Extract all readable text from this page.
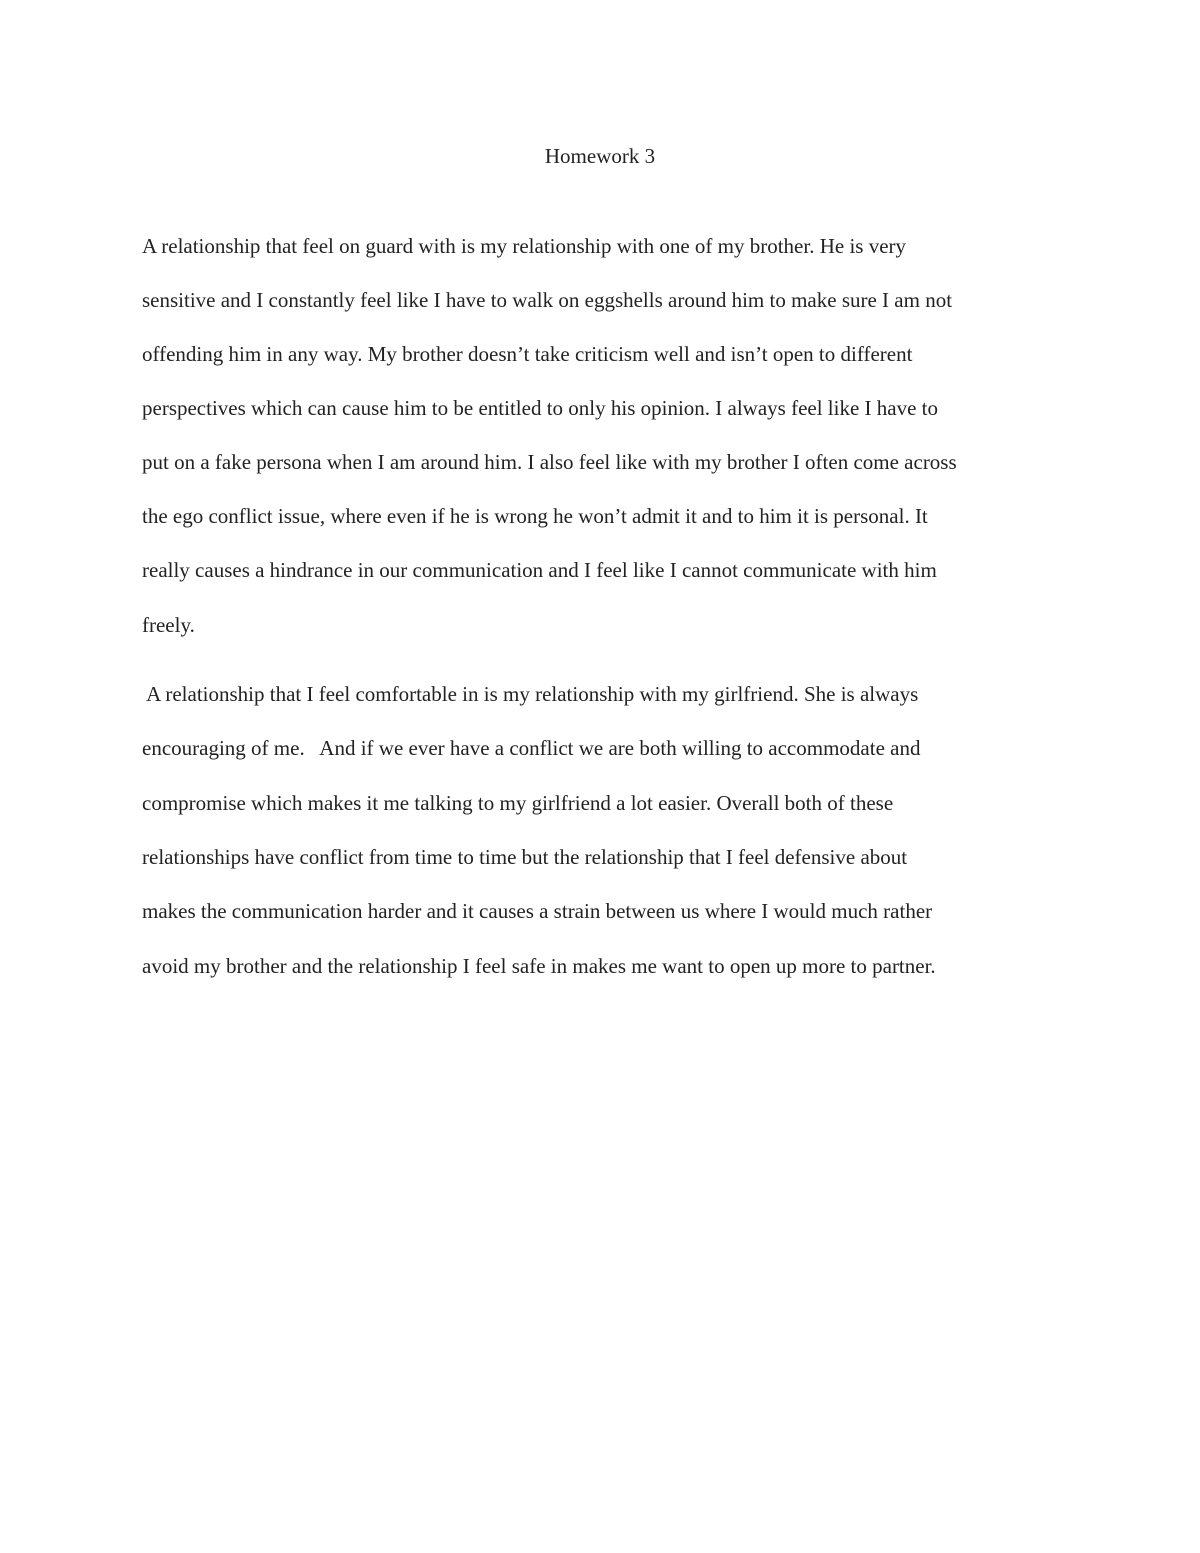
Homework 3

A relationship that feel on guard with is my relationship with one of my brother. He is very

sensitive and I constantly feel like I have to walk on eggshells around him to make sure I am not

offending him in any way. My brother doesn’t take criticism well and isn’t open to different

perspectives which can cause him to be entitled to only his opinion. I always feel like I have to

put on a fake persona when I am around him. I also feel like with my brother I often come across

the ego conflict issue, where even if he is wrong he won’t admit it and to him it is personal. It

really causes a hindrance in our communication and I feel like I cannot communicate with him

freely.

A relationship that I feel comfortable in is my relationship with my girlfriend. She is always

encouraging of me.   And if we ever have a conflict we are both willing to accommodate and

compromise which makes it me talking to my girlfriend a lot easier. Overall both of these

relationships have conflict from time to time but the relationship that I feel defensive about

makes the communication harder and it causes a strain between us where I would much rather

avoid my brother and the relationship I feel safe in makes me want to open up more to partner.
